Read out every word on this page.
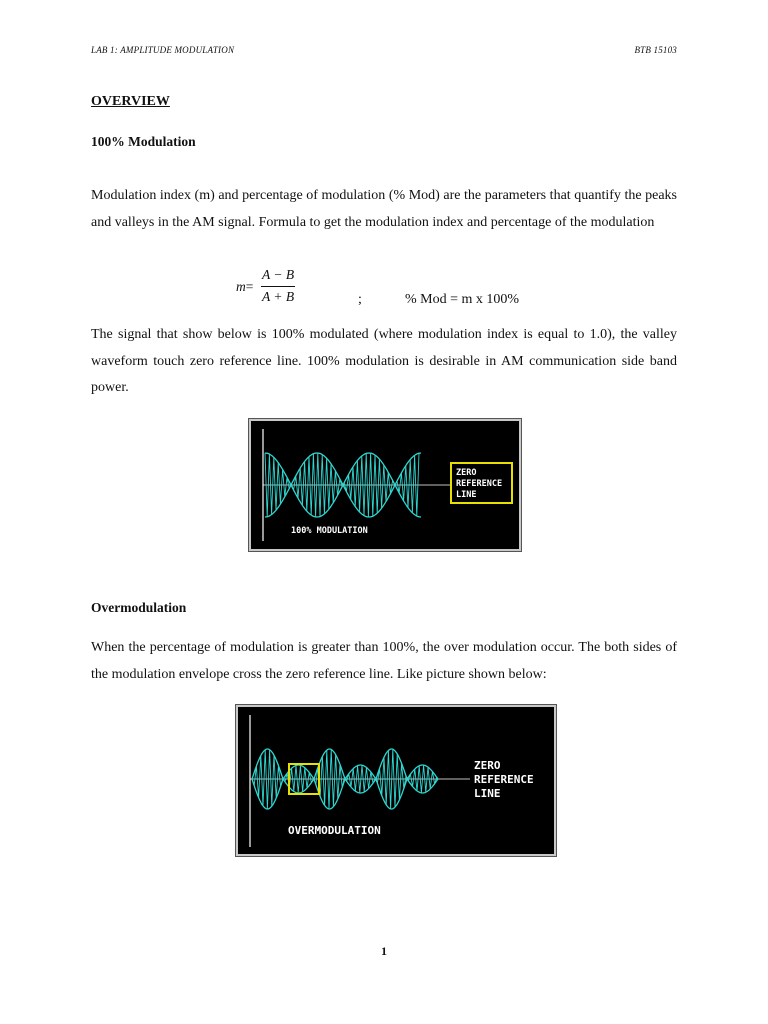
LAB 1: AMPLITUDE MODULATION	BTB 15103
OVERVIEW
100% Modulation

Modulation index (m) and percentage of modulation (% Mod) are the parameters that quantify the peaks and valleys in the AM signal. Formula to get the modulation index and percentage of the modulation

m=
A − B
A + B	;	% Mod = m x 100%

The signal that show below is 100% modulated (where modulation index is equal to 1.0), the valley waveform touch zero reference line. 100% modulation is desirable in AM communication side band power.

ZERO
REFERENCE
LINE
100% MODULATION
Overmodulation

When the percentage of modulation is greater than 100%, the over modulation occur. The both sides of the modulation envelope cross the zero reference line. Like picture shown below:

ZERO
REFERENCE
LINE
OVERMODULATION
1
